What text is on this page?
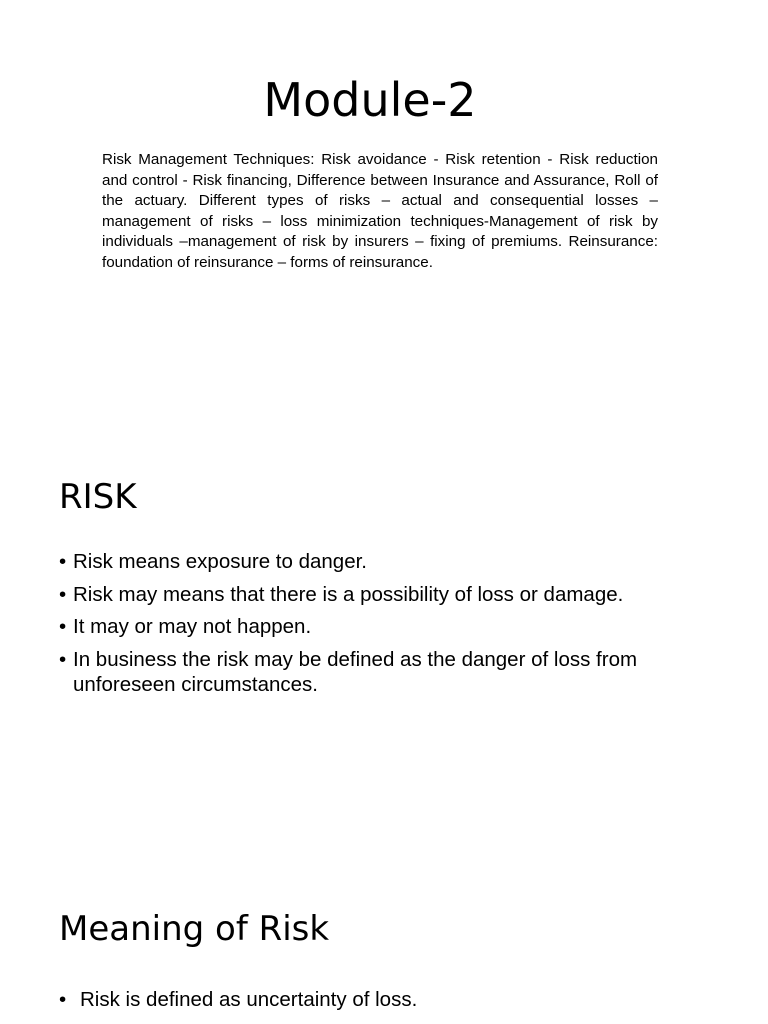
Module-2

Risk Management Techniques: Risk avoidance - Risk retention - Risk reduction and control - Risk financing, Difference between Insurance and Assurance, Roll of the actuary. Different types of risks – actual and consequential losses – management of risks – loss minimization techniques-Management of risk by individuals –management of risk by insurers – fixing of premiums. Reinsurance: foundation of reinsurance – forms of reinsurance.

RISK
• Risk means exposure to danger.
• Risk may means that there is a possibility of loss or damage.
• It may or may not happen.
• In business the risk may be defined as the danger of loss from unforeseen circumstances.
Meaning of Risk
• Risk is defined as uncertainty of loss.
